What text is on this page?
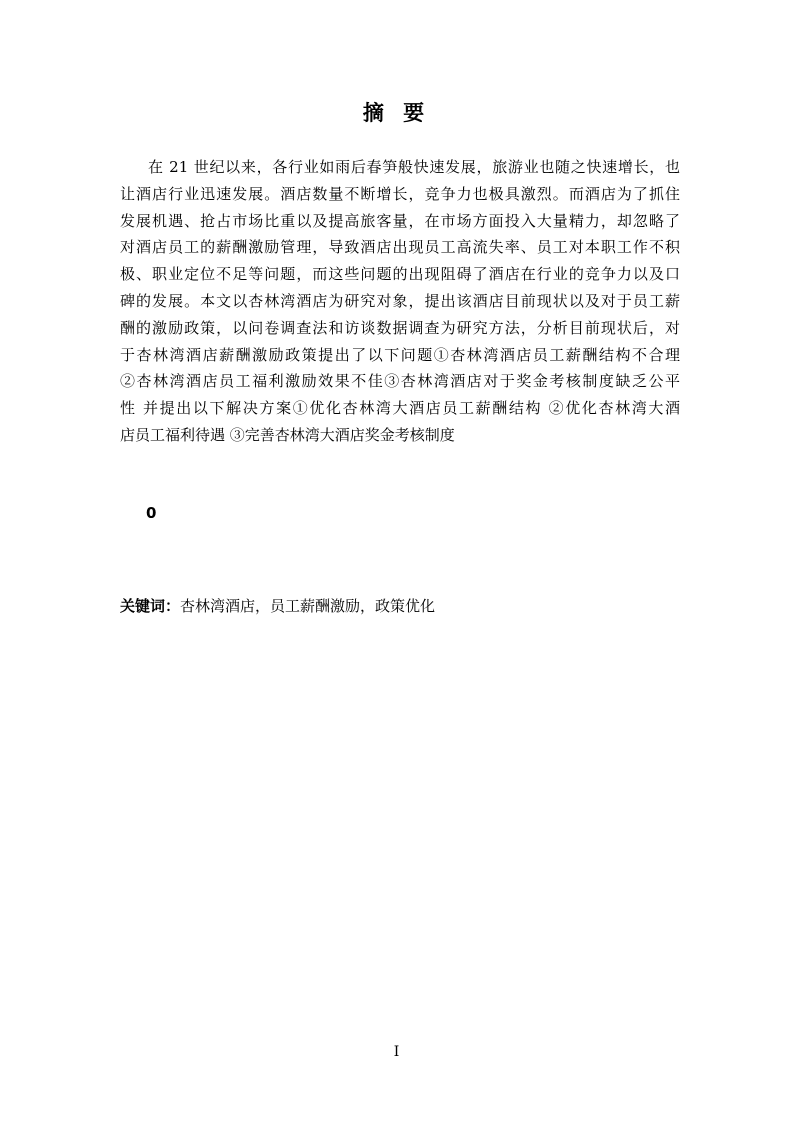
摘 要
在 21 世纪以来，各行业如雨后春笋般快速发展，旅游业也随之快速增长，也
让酒店行业迅速发展。酒店数量不断增长，竞争力也极具激烈。而酒店为了抓住
发展机遇、抢占市场比重以及提高旅客量，在市场方面投入大量精力，却忽略了
对酒店员工的薪酬激励管理，导致酒店出现员工高流失率、员工对本职工作不积
极、职业定位不足等问题，而这些问题的出现阻碍了酒店在行业的竞争力以及口
碑的发展。本文以杏林湾酒店为研究对象，提出该酒店目前现状以及对于员工薪
酬的激励政策，以问卷调查法和访谈数据调查为研究方法，分析目前现状后，对
于杏林湾酒店薪酬激励政策提出了以下问题①杏林湾酒店员工薪酬结构不合理
②杏林湾酒店员工福利激励效果不佳③杏林湾酒店对于奖金考核制度缺乏公平
性 并提出以下解决方案①优化杏林湾大酒店员工薪酬结构 ②优化杏林湾大酒
店员工福利待遇 ③完善杏林湾大酒店奖金考核制度

0

关键词：杏林湾酒店，员工薪酬激励，政策优化

I
